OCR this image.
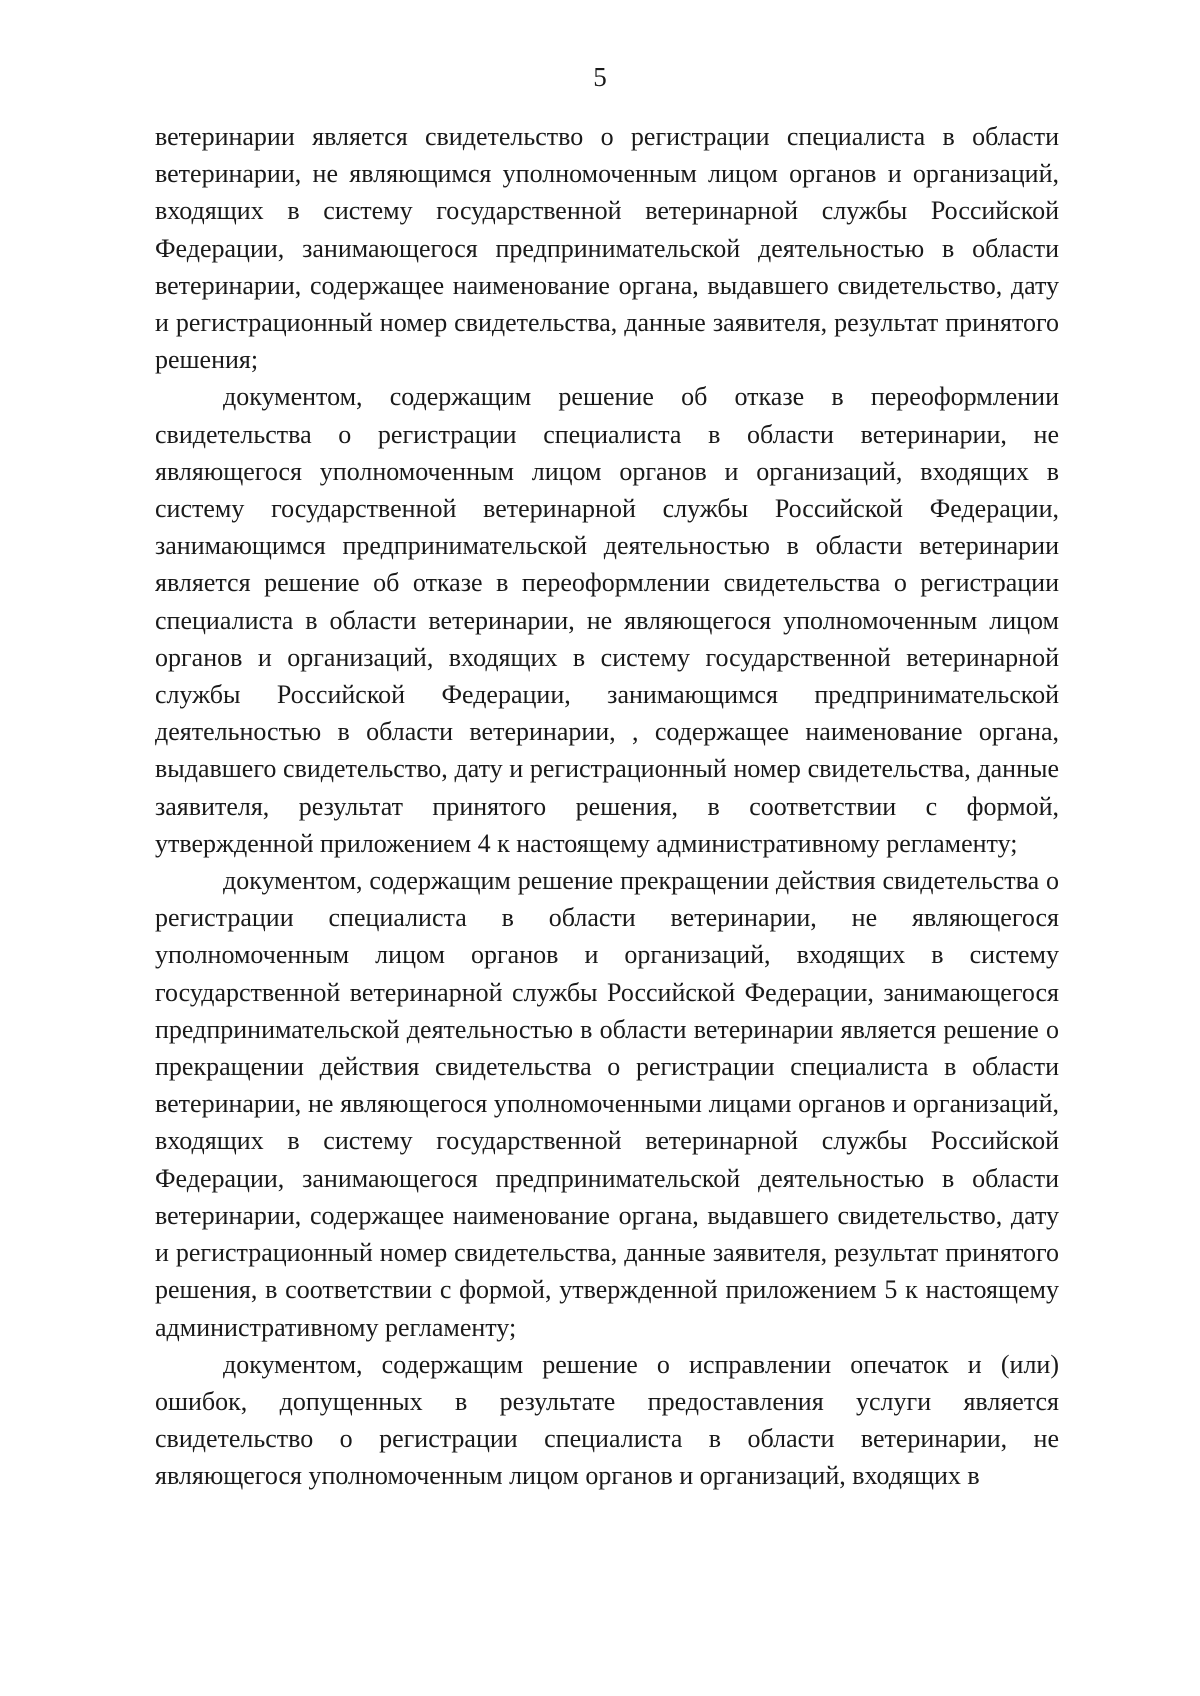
5

ветеринарии является свидетельство о регистрации специалиста в области ветеринарии, не являющимся уполномоченным лицом органов и организаций, входящих в систему государственной ветеринарной службы Российской Федерации, занимающегося предпринимательской деятельностью в области ветеринарии, содержащее наименование органа, выдавшего свидетельство, дату и регистрационный номер свидетельства, данные заявителя, результат принятого решения;

документом, содержащим решение об отказе в переоформлении свидетельства о регистрации специалиста в области ветеринарии, не являющегося уполномоченным лицом органов и организаций, входящих в систему государственной ветеринарной службы Российской Федерации, занимающимся предпринимательской деятельностью в области ветеринарии является решение об отказе в переоформлении свидетельства о регистрации специалиста в области ветеринарии, не являющегося уполномоченным лицом органов и организаций, входящих в систему государственной ветеринарной службы Российской Федерации, занимающимся предпринимательской деятельностью в области ветеринарии, , содержащее наименование органа, выдавшего свидетельство, дату и регистрационный номер свидетельства, данные заявителя, результат принятого решения, в соответствии с формой, утвержденной приложением 4 к настоящему административному регламенту;

документом, содержащим решение прекращении действия свидетельства о регистрации специалиста в области ветеринарии, не являющегося уполномоченным лицом органов и организаций, входящих в систему государственной ветеринарной службы Российской Федерации, занимающегося предпринимательской деятельностью в области ветеринарии является решение о прекращении действия свидетельства о регистрации специалиста в области ветеринарии, не являющегося уполномоченными лицами органов и организаций, входящих в систему государственной ветеринарной службы Российской Федерации, занимающегося предпринимательской деятельностью в области ветеринарии, содержащее наименование органа, выдавшего свидетельство, дату и регистрационный номер свидетельства, данные заявителя, результат принятого решения, в соответствии с формой, утвержденной приложением 5 к настоящему административному регламенту;

документом, содержащим решение о исправлении опечаток и (или) ошибок, допущенных в результате предоставления услуги является свидетельство о регистрации специалиста в области ветеринарии, не являющегося уполномоченным лицом органов и организаций, входящих в
